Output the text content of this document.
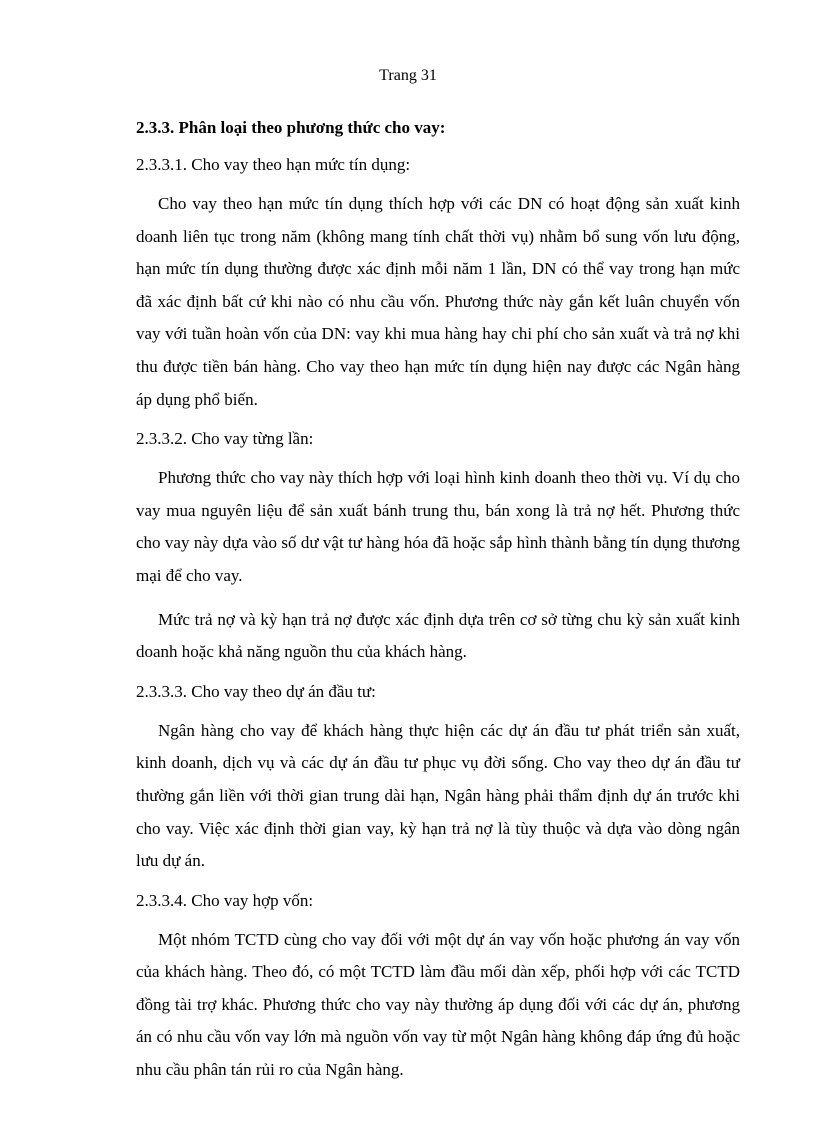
Trang 31

2.3.3. Phân loại theo phương thức cho vay:

2.3.3.1. Cho vay theo hạn mức tín dụng:

Cho vay theo hạn mức tín dụng thích hợp với các DN có hoạt động sản xuất kinh doanh liên tục trong năm (không mang tính chất thời vụ) nhằm bổ sung vốn lưu động, hạn mức tín dụng thường được xác định mỗi năm 1 lần, DN có thể vay trong hạn mức đã xác định bất cứ khi nào có nhu cầu vốn. Phương thức này gắn kết luân chuyển vốn vay với tuần hoàn vốn của DN: vay khi mua hàng hay chi phí cho sản xuất và trả nợ khi thu được tiền bán hàng. Cho vay theo hạn mức tín dụng hiện nay được các Ngân hàng áp dụng phổ biến.

2.3.3.2. Cho vay từng lần:

Phương thức cho vay này thích hợp với loại hình kinh doanh theo thời vụ. Ví dụ cho vay mua nguyên liệu để sản xuất bánh trung thu, bán xong là trả nợ hết. Phương thức cho vay này dựa vào số dư vật tư hàng hóa đã hoặc sắp hình thành bằng tín dụng thương mại để cho vay.

Mức trả nợ và kỳ hạn trả nợ được xác định dựa trên cơ sở từng chu kỳ sản xuất kinh doanh hoặc khả năng nguồn thu của khách hàng.

2.3.3.3. Cho vay theo dự án đầu tư:

Ngân hàng cho vay để khách hàng thực hiện các dự án đầu tư phát triển sản xuất, kinh doanh, dịch vụ và các dự án đầu tư phục vụ đời sống. Cho vay theo dự án đầu tư thường gắn liền với thời gian trung dài hạn, Ngân hàng phải thẩm định dự án trước khi cho vay. Việc xác định thời gian vay, kỳ hạn trả nợ là tùy thuộc và dựa vào dòng ngân lưu dự án.

2.3.3.4. Cho vay hợp vốn:

Một nhóm TCTD cùng cho vay đối với một dự án vay vốn hoặc phương án vay vốn của khách hàng. Theo đó, có một TCTD làm đầu mối dàn xếp, phối hợp với các TCTD đồng tài trợ khác. Phương thức cho vay này thường áp dụng đối với các dự án, phương án có nhu cầu vốn vay lớn mà nguồn vốn vay từ một Ngân hàng không đáp ứng đủ hoặc nhu cầu phân tán rủi ro của Ngân hàng.
